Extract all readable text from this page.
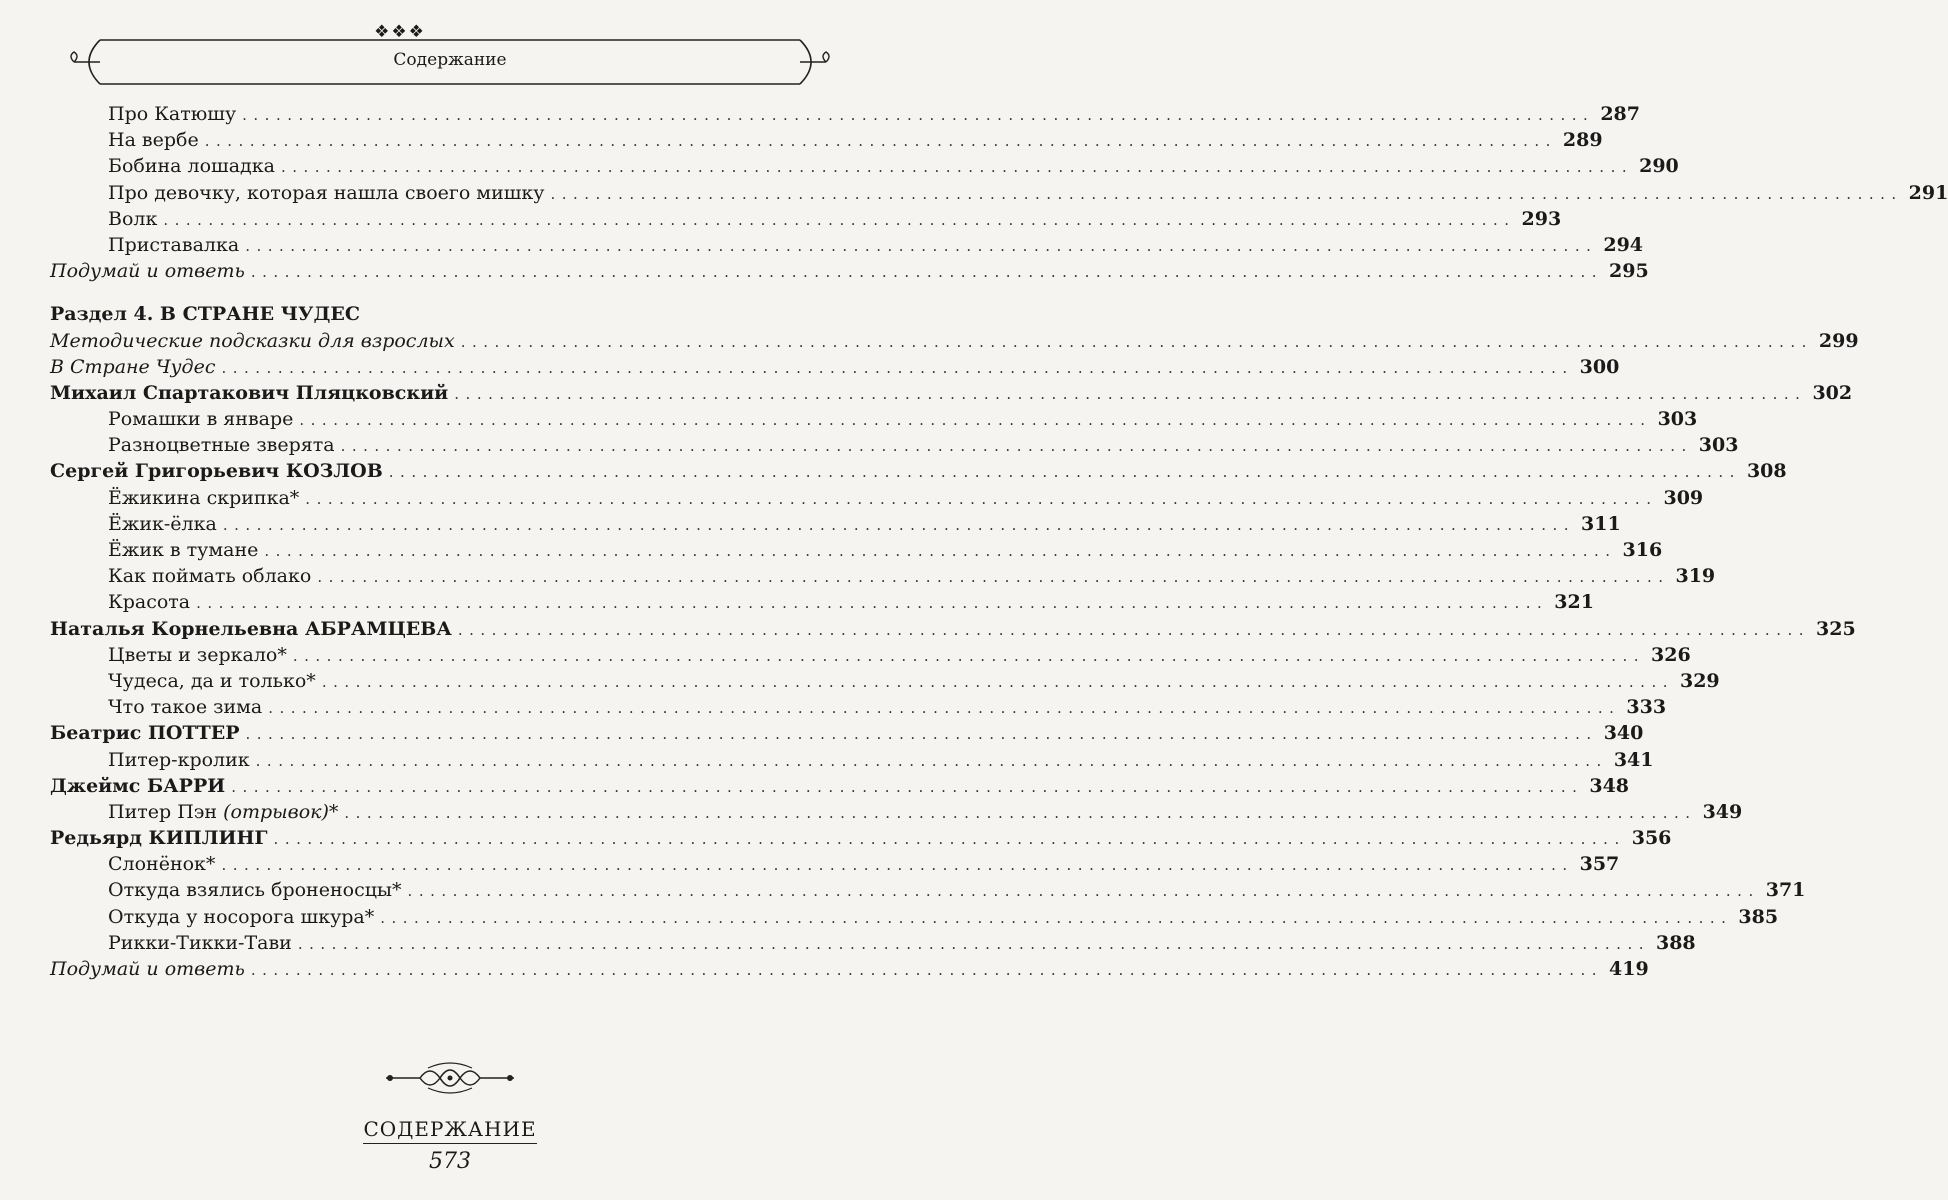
❖❖❖
Содержание
Про Катюшу ........................................................................................................................ 287
На вербе ........................................................................................................................ 289
Бобина лошадка ........................................................................................................................ 290
Про девочку, которая нашла своего мишку ........................................................................................................................ 291
Волк ........................................................................................................................ 293
Приставалка ........................................................................................................................ 294
Подумай и ответь ........................................................................................................................ 295
Раздел 4. В СТРАНЕ ЧУДЕС
Методические подсказки для взрослых ........................................................................................................................ 299
В Стране Чудес ........................................................................................................................ 300
Михаил Спартакович Пляцковский ........................................................................................................................ 302
Ромашки в январе ........................................................................................................................ 303
Разноцветные зверята ........................................................................................................................ 303
Сергей Григорьевич КОЗЛОВ ........................................................................................................................ 308
Ёжикина скрипка* ........................................................................................................................ 309
Ёжик-ёлка ........................................................................................................................ 311
Ёжик в тумане ........................................................................................................................ 316
Как поймать облако ........................................................................................................................ 319
Красота ........................................................................................................................ 321
Наталья Корнельевна АБРАМЦЕВА ........................................................................................................................ 325
Цветы и зеркало* ........................................................................................................................ 326
Чудеса, да и только* ........................................................................................................................ 329
Что такое зима ........................................................................................................................ 333
Беатрис ПОТТЕР ........................................................................................................................ 340
Питер-кролик ........................................................................................................................ 341
Джеймс БАРРИ ........................................................................................................................ 348
Питер Пэн (отрывок)* ........................................................................................................................ 349
Редьярд КИПЛИНГ ........................................................................................................................ 356
Слонёнок* ........................................................................................................................ 357
Откуда взялись броненосцы* ........................................................................................................................ 371
Откуда у носорога шкура* ........................................................................................................................ 385
Рикки-Тикки-Тави ........................................................................................................................ 388
Подумай и ответь ........................................................................................................................ 419
СОДЕРЖАНИЕ
573
